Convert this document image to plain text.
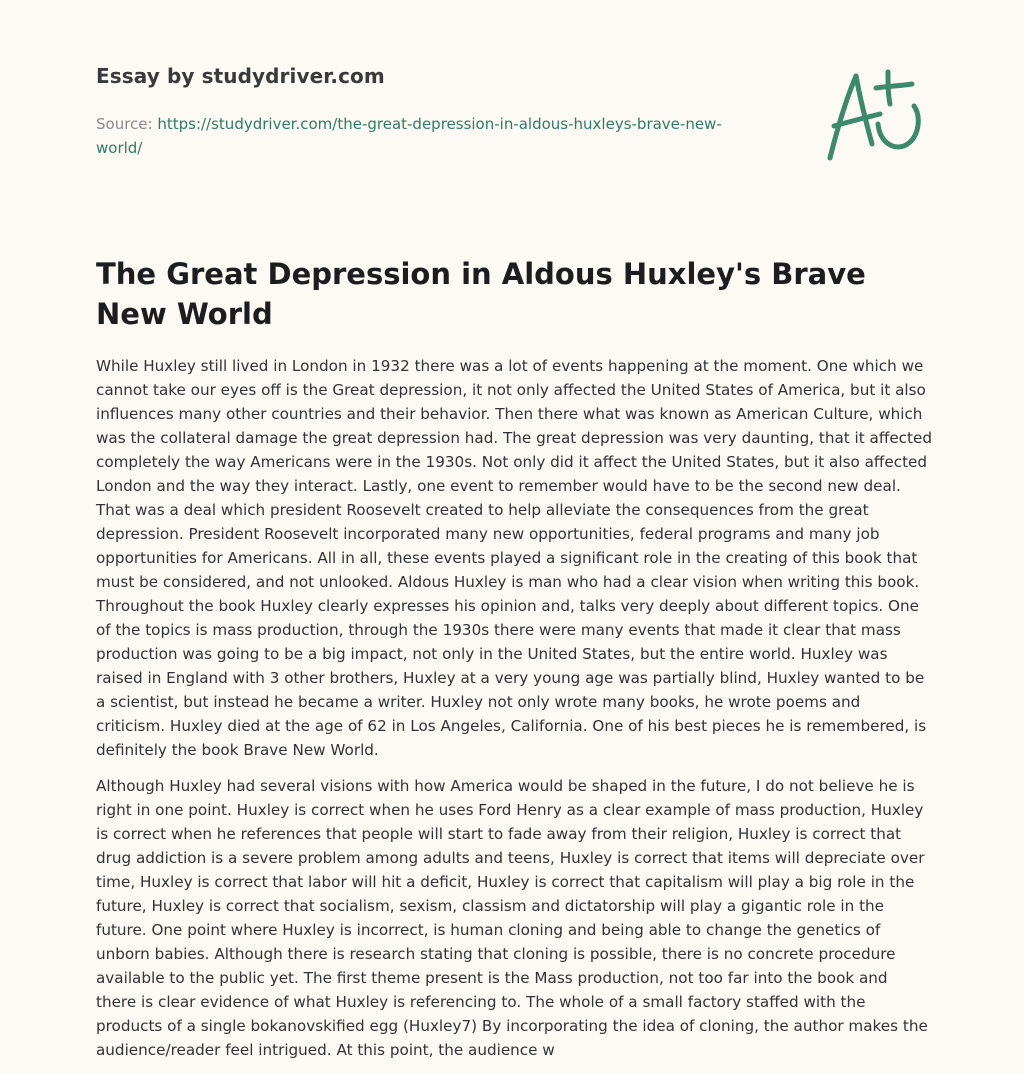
Essay by studydriver.com
Source: https://studydriver.com/the-great-depression-in-aldous-huxleys-brave-new-world/
The Great Depression in Aldous Huxley's Brave New World

While Huxley still lived in London in 1932 there was a lot of events happening at the moment. One which we cannot take our eyes off is the Great depression, it not only affected the United States of America, but it also influences many other countries and their behavior. Then there what was known as American Culture, which was the collateral damage the great depression had. The great depression was very daunting, that it affected completely the way Americans were in the 1930s. Not only did it affect the United States, but it also affected London and the way they interact. Lastly, one event to remember would have to be the second new deal. That was a deal which president Roosevelt created to help alleviate the consequences from the great depression. President Roosevelt incorporated many new opportunities, federal programs and many job opportunities for Americans. All in all, these events played a significant role in the creating of this book that must be considered, and not unlooked. Aldous Huxley is man who had a clear vision when writing this book. Throughout the book Huxley clearly expresses his opinion and, talks very deeply about different topics. One of the topics is mass production, through the 1930s there were many events that made it clear that mass production was going to be a big impact, not only in the United States, but the entire world. Huxley was raised in England with 3 other brothers, Huxley at a very young age was partially blind, Huxley wanted to be a scientist, but instead he became a writer. Huxley not only wrote many books, he wrote poems and criticism. Huxley died at the age of 62 in Los Angeles, California. One of his best pieces he is remembered, is definitely the book Brave New World.

Although Huxley had several visions with how America would be shaped in the future, I do not believe he is right in one point. Huxley is correct when he uses Ford Henry as a clear example of mass production, Huxley is correct when he references that people will start to fade away from their religion, Huxley is correct that drug addiction is a severe problem among adults and teens, Huxley is correct that items will depreciate over time, Huxley is correct that labor will hit a deficit, Huxley is correct that capitalism will play a big role in the future, Huxley is correct that socialism, sexism, classism and dictatorship will play a gigantic role in the future. One point where Huxley is incorrect, is human cloning and being able to change the genetics of unborn babies. Although there is research stating that cloning is possible, there is no concrete procedure available to the public yet. The first theme present is the Mass production, not too far into the book and there is clear evidence of what Huxley is referencing to. The whole of a small factory staffed with the products of a single bokanovskified egg (Huxley7) By incorporating the idea of cloning, the author makes the audience/reader feel intrigued. At this point, the audience w
